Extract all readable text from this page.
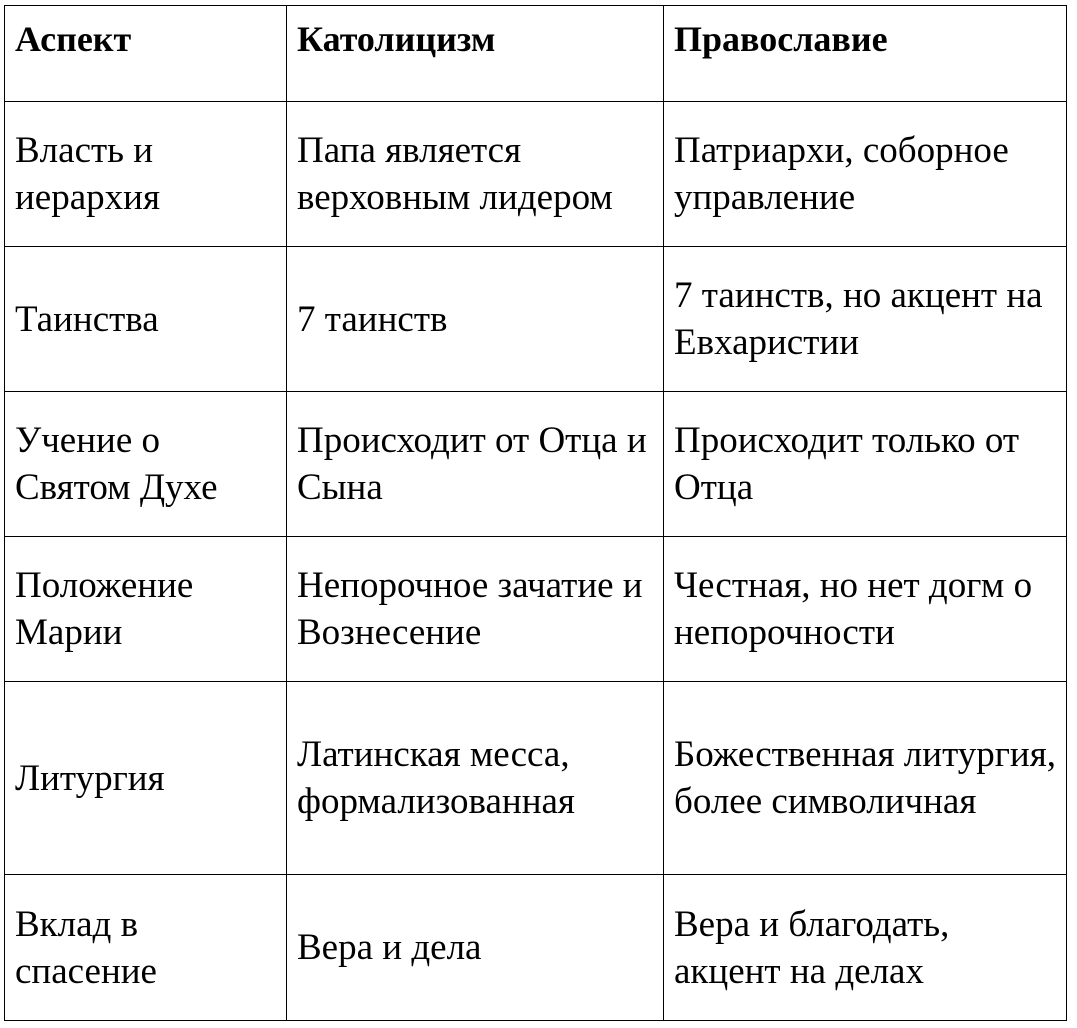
Аспект	Католицизм	Православие
Власть и иерархия	Папа является верховным лидером	Патриархи, соборное управление
Таинства	7 таинств	7 таинств, но акцент на Евхаристии
Учение о Святом Духе	Происходит от Отца и Сына	Происходит только от Отца
Положение Марии	Непорочное зачатие и Вознесение	Честная, но нет догм о непорочности
Литургия	Латинская месса, формализованная	Божественная литургия, более символичная
Вклад в спасение	Вера и дела	Вера и благодать, акцент на делах
